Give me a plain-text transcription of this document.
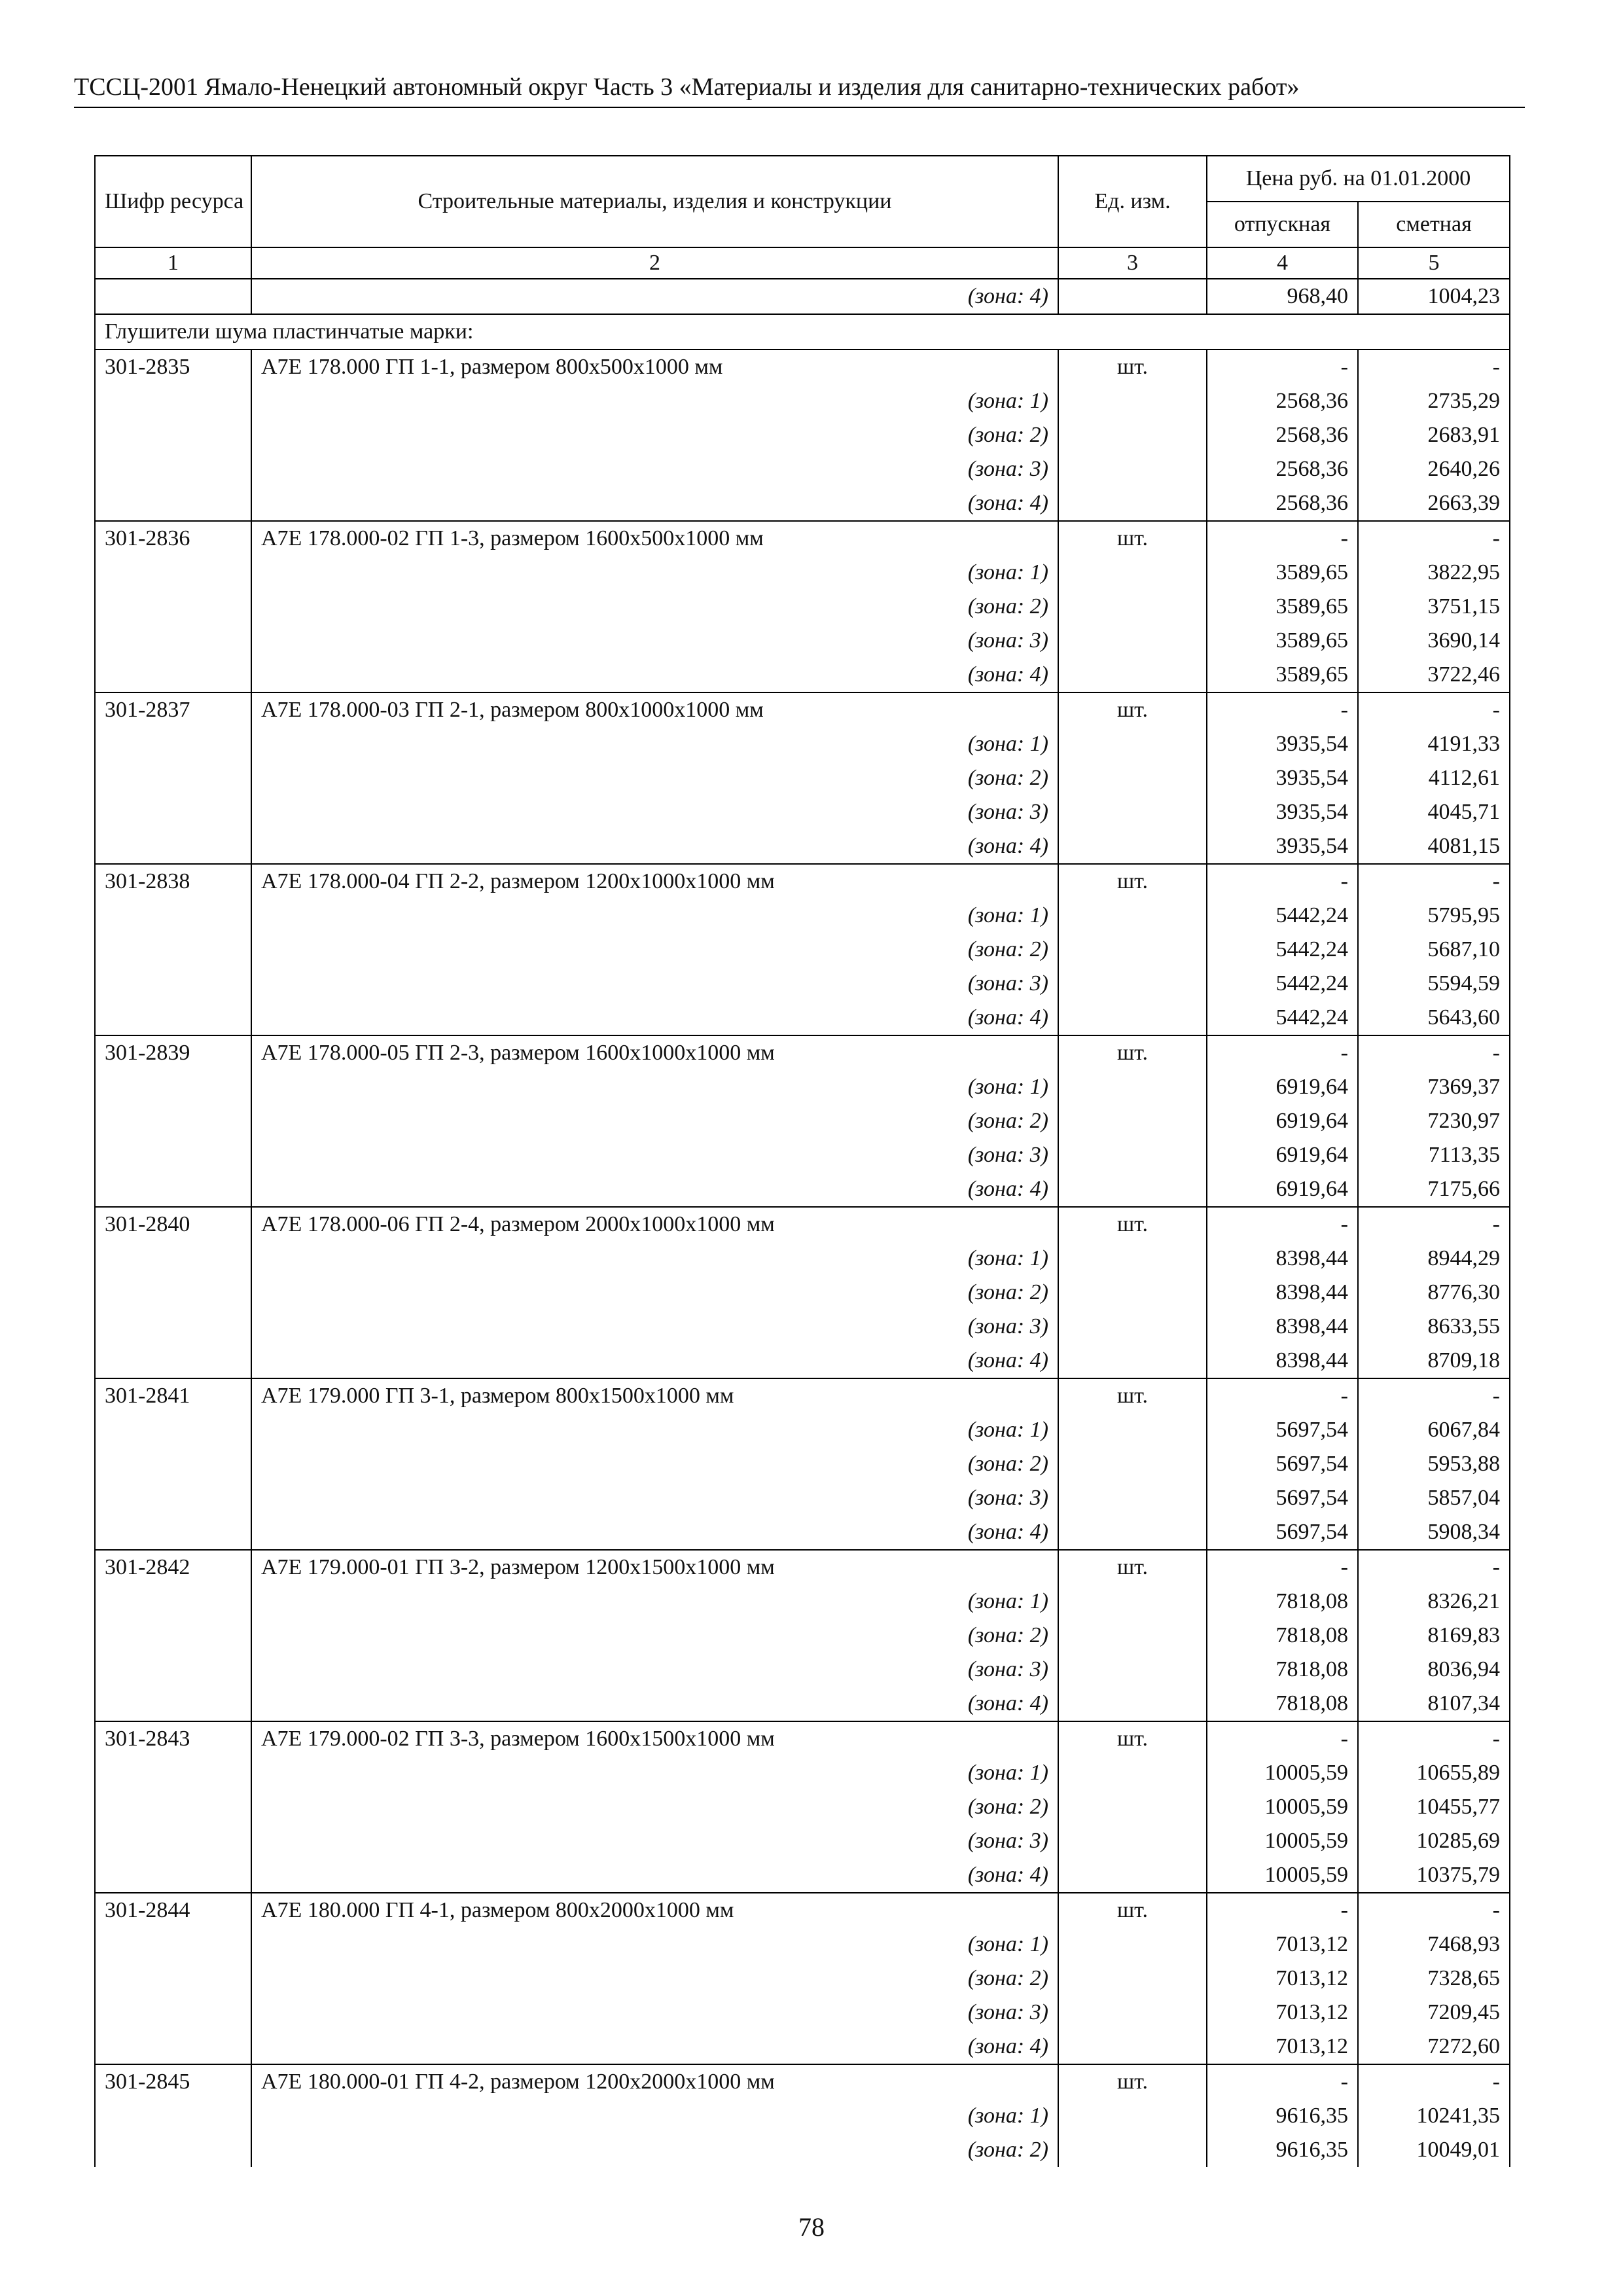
ТССЦ-2001 Ямало-Ненецкий автономный округ Часть 3 «Материалы и изделия для санитарно-технических работ»
Шифр ресурса	Строительные материалы, изделия и конструкции	Ед. изм.	Цена руб. на 01.01.2000	
			отпускная	сметная
1	2	3	4	5
	(зона: 4)		968,40	1004,23
Глушители шума пластинчатые марки:				
301-2835	А7Е 178.000 ГП 1-1, размером 800х500х1000 мм	шт.	-	-
	(зона: 1)		2568,36	2735,29
	(зона: 2)		2568,36	2683,91
	(зона: 3)		2568,36	2640,26
	(зона: 4)		2568,36	2663,39
301-2836	А7Е 178.000-02 ГП 1-3, размером 1600х500х1000 мм	шт.	-	-
	(зона: 1)		3589,65	3822,95
	(зона: 2)		3589,65	3751,15
	(зона: 3)		3589,65	3690,14
	(зона: 4)		3589,65	3722,46
301-2837	А7Е 178.000-03 ГП 2-1, размером 800х1000х1000 мм	шт.	-	-
	(зона: 1)		3935,54	4191,33
	(зона: 2)		3935,54	4112,61
	(зона: 3)		3935,54	4045,71
	(зона: 4)		3935,54	4081,15
301-2838	А7Е 178.000-04 ГП 2-2, размером 1200х1000х1000 мм	шт.	-	-
	(зона: 1)		5442,24	5795,95
	(зона: 2)		5442,24	5687,10
	(зона: 3)		5442,24	5594,59
	(зона: 4)		5442,24	5643,60
301-2839	А7Е 178.000-05 ГП 2-3, размером 1600х1000х1000 мм	шт.	-	-
	(зона: 1)		6919,64	7369,37
	(зона: 2)		6919,64	7230,97
	(зона: 3)		6919,64	7113,35
	(зона: 4)		6919,64	7175,66
301-2840	А7Е 178.000-06 ГП 2-4, размером 2000х1000х1000 мм	шт.	-	-
	(зона: 1)		8398,44	8944,29
	(зона: 2)		8398,44	8776,30
	(зона: 3)		8398,44	8633,55
	(зона: 4)		8398,44	8709,18
301-2841	А7Е 179.000 ГП 3-1, размером 800х1500х1000 мм	шт.	-	-
	(зона: 1)		5697,54	6067,84
	(зона: 2)		5697,54	5953,88
	(зона: 3)		5697,54	5857,04
	(зона: 4)		5697,54	5908,34
301-2842	А7Е 179.000-01 ГП 3-2, размером 1200х1500х1000 мм	шт.	-	-
	(зона: 1)		7818,08	8326,21
	(зона: 2)		7818,08	8169,83
	(зона: 3)		7818,08	8036,94
	(зона: 4)		7818,08	8107,34
301-2843	А7Е 179.000-02 ГП 3-3, размером 1600х1500х1000 мм	шт.	-	-
	(зона: 1)		10005,59	10655,89
	(зона: 2)		10005,59	10455,77
	(зона: 3)		10005,59	10285,69
	(зона: 4)		10005,59	10375,79
301-2844	А7Е 180.000 ГП 4-1, размером 800х2000х1000 мм	шт.	-	-
	(зона: 1)		7013,12	7468,93
	(зона: 2)		7013,12	7328,65
	(зона: 3)		7013,12	7209,45
	(зона: 4)		7013,12	7272,60
301-2845	А7Е 180.000-01 ГП 4-2, размером 1200х2000х1000 мм	шт.	-	-
	(зона: 1)		9616,35	10241,35
	(зона: 2)		9616,35	10049,01
78
